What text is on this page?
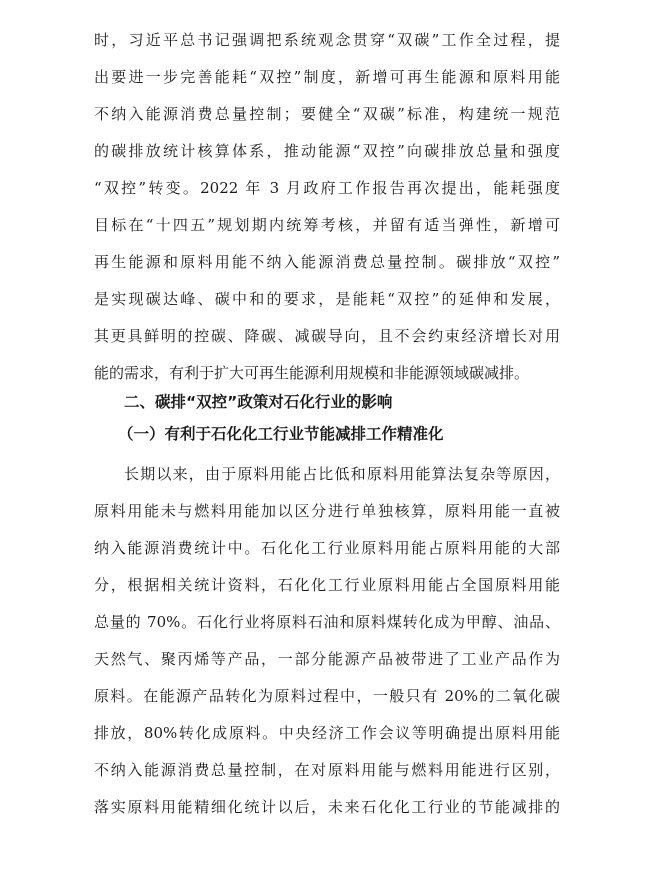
时，习近平总书记强调把系统观念贯穿“双碳”工作全过程，提
出要进一步完善能耗“双控”制度，新增可再生能源和原料用能
不纳入能源消费总量控制；要健全“双碳”标准，构建统一规范
的碳排放统计核算体系，推动能源“双控”向碳排放总量和强度
“双控”转变。2022 年 3 月政府工作报告再次提出，能耗强度
目标在“十四五”规划期内统筹考核，并留有适当弹性，新增可
再生能源和原料用能不纳入能源消费总量控制。碳排放“双控”
是实现碳达峰、碳中和的要求，是能耗“双控”的延伸和发展，
其更具鲜明的控碳、降碳、减碳导向，且不会约束经济增长对用
能的需求，有利于扩大可再生能源利用规模和非能源领域碳减排。
二、碳排“双控”政策对石化行业的影响
（一）有利于石化化工行业节能减排工作精准化
长期以来，由于原料用能占比低和原料用能算法复杂等原因，
原料用能未与燃料用能加以区分进行单独核算，原料用能一直被
纳入能源消费统计中。石化化工行业原料用能占原料用能的大部
分，根据相关统计资料，石化化工行业原料用能占全国原料用能
总量的 70%。石化行业将原料石油和原料煤转化成为甲醇、油品、
天然气、聚丙烯等产品，一部分能源产品被带进了工业产品作为
原料。在能源产品转化为原料过程中，一般只有 20%的二氧化碳
排放，80%转化成原料。中央经济工作会议等明确提出原料用能
不纳入能源消费总量控制，在对原料用能与燃料用能进行区别，
落实原料用能精细化统计以后，未来石化化工行业的节能减排的
